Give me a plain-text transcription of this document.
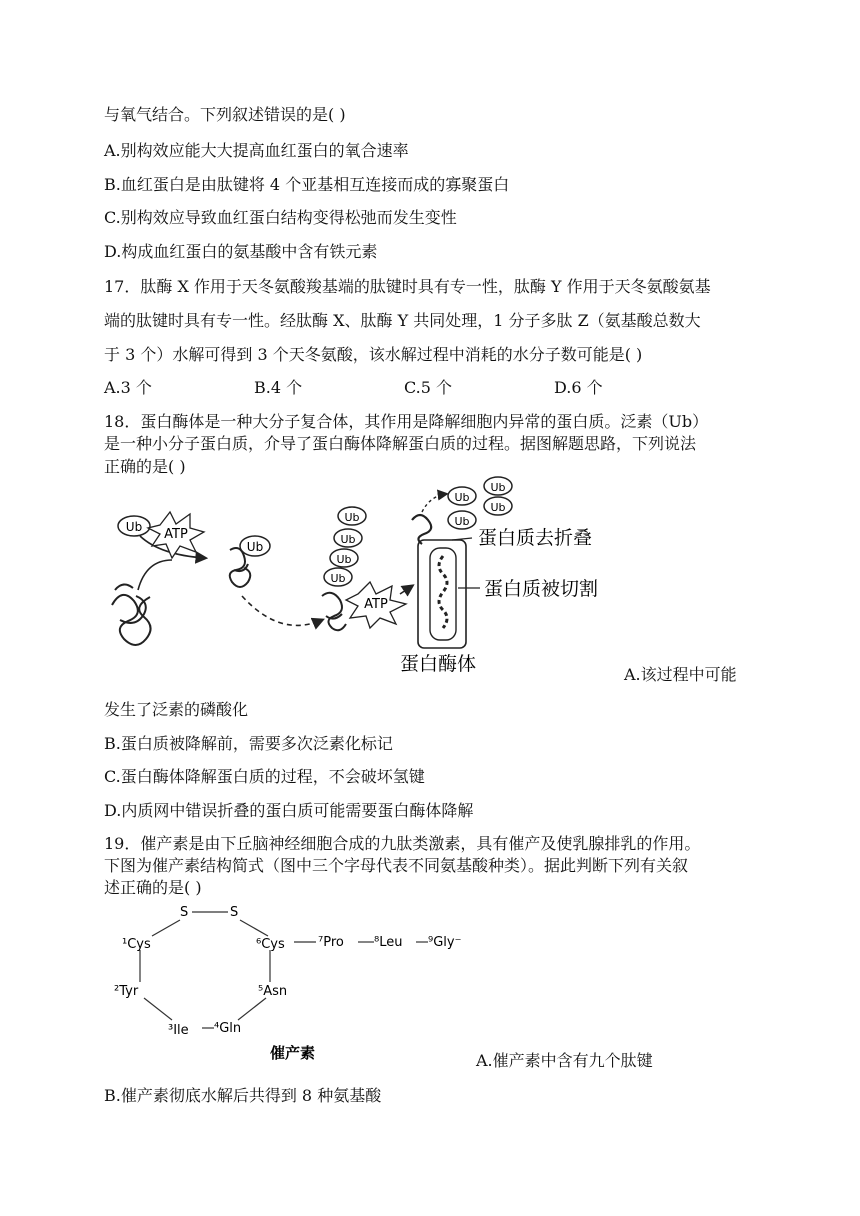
与氧气结合。下列叙述错误的是( )
A.别构效应能大大提高血红蛋白的氧合速率
B.血红蛋白是由肽键将 4 个亚基相互连接而成的寡聚蛋白
C.别构效应导致血红蛋白结构变得松弛而发生变性
D.构成血红蛋白的氨基酸中含有铁元素
17．肽酶 X 作用于天冬氨酸羧基端的肽键时具有专一性，肽酶 Y 作用于天冬氨酸氨基
端的肽键时具有专一性。经肽酶 X、肽酶 Y 共同处理，1 分子多肽 Z（氨基酸总数大
于 3 个）水解可得到 3 个天冬氨酸，该水解过程中消耗的水分子数可能是( )
A.3 个	B.4 个	C.5 个	D.6 个
18．蛋白酶体是一种大分子复合体，其作用是降解细胞内异常的蛋白质。泛素（Ub）
是一种小分子蛋白质，介导了蛋白酶体降解蛋白质的过程。据图解题思路，下列说法
正确的是( )
Ub ATP
Ub
Ub
Ub
Ub
Ub
ATP
Ub
Ub
Ub
Ub
蛋白质去折叠
蛋白质被切割
蛋白酶体	A.该过程中可能
发生了泛素的磷酸化
B.蛋白质被降解前，需要多次泛素化标记
C.蛋白酶体降解蛋白质的过程，不会破坏氢键
D.内质网中错误折叠的蛋白质可能需要蛋白酶体降解
19．催产素是由下丘脑神经细胞合成的九肽类激素，具有催产及使乳腺排乳的作用。
下图为催产素结构简式（图中三个字母代表不同氨基酸种类）。据此判断下列有关叙
述正确的是( )
S	S
¹Cys	⁶Cys	⁷Pro ⁸Leu ⁹Gly⁻
²Tyr	⁵Asn
³Ile ⁴Gln
催产素	A.催产素中含有九个肽键
B.催产素彻底水解后共得到 8 种氨基酸
